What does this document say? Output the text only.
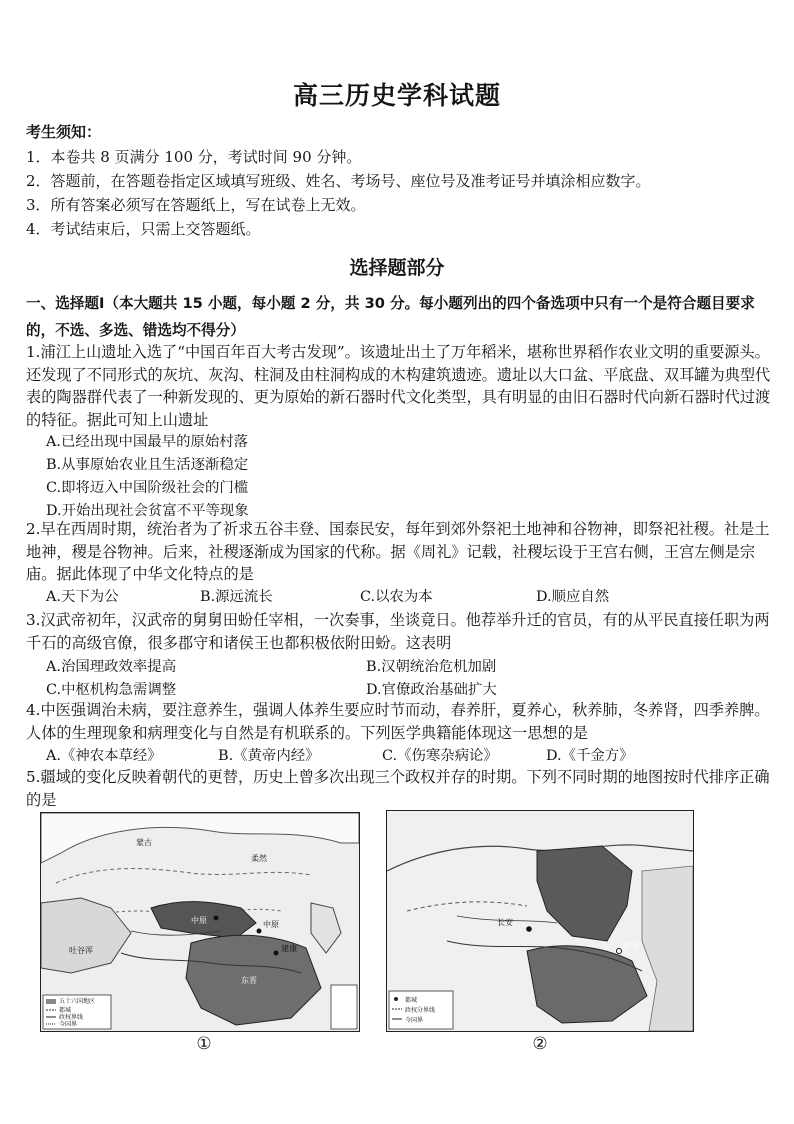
高三历史学科试题
考生须知：
1．本卷共 8 页满分 100 分，考试时间 90 分钟。
2．答题前，在答题卷指定区域填写班级、姓名、考场号、座位号及准考证号并填涂相应数字。
3．所有答案必须写在答题纸上，写在试卷上无效。
4．考试结束后，只需上交答题纸。
选择题部分
一、选择题Ⅰ（本大题共 15 小题，每小题 2 分，共 30 分。每小题列出的四个备选项中只有一个是符合题目要求的，不选、多选、错选均不得分）
1.浦江上山遗址入选了“中国百年百大考古发现”。该遗址出土了万年稻米，堪称世界稻作农业文明的重要源头。还发现了不同形式的灰坑、灰沟、柱洞及由柱洞构成的木构建筑遗迹。遗址以大口盆、平底盘、双耳罐为典型代表的陶器群代表了一种新发现的、更为原始的新石器时代文化类型，具有明显的由旧石器时代向新石器时代过渡的特征。据此可知上山遗址
A.已经出现中国最早的原始村落
B.从事原始农业且生活逐渐稳定
C.即将迈入中国阶级社会的门槛
D.开始出现社会贫富不平等现象
2.早在西周时期，统治者为了祈求五谷丰登、国泰民安，每年到郊外祭祀土地神和谷物神，即祭祀社稷。社是土地神，稷是谷物神。后来，社稷逐渐成为国家的代称。据《周礼》记载，社稷坛设于王宫右侧，王宫左侧是宗庙。据此体现了中华文化特点的是
A.天下为公	B.源远流长	C.以农为本	D.顺应自然
3.汉武帝初年，汉武帝的舅舅田蚡任宰相，一次奏事，坐谈竟日。他荐举升迁的官员，有的从平民直接任职为两千石的高级官僚，很多郡守和诸侯王也都积极依附田蚡。这表明
A.治国理政效率提高	B.汉朝统治危机加剧
C.中枢机构急需调整	D.官僚政治基础扩大
4.中医强调治未病，要注意养生，强调人体养生要应时节而动，春养肝，夏养心，秋养肺，冬养肾，四季养脾。人体的生理现象和病理变化与自然是有机联系的。下列医学典籍能体现这一思想的是
A.《神农本草经》	B.《黄帝内经》	C.《伤寒杂病论》	D.《千金方》
5.疆域的变化反映着朝代的更替，历史上曾多次出现三个政权并存的时期。下列不同时期的地图按时代排序正确的是
蒙古
柔然
吐谷浑
中原
东晋
中原
建康
五十六国地区
都城
政权界线
今国界
①
长安
南宋
都城
政权分界线
今国界
②
